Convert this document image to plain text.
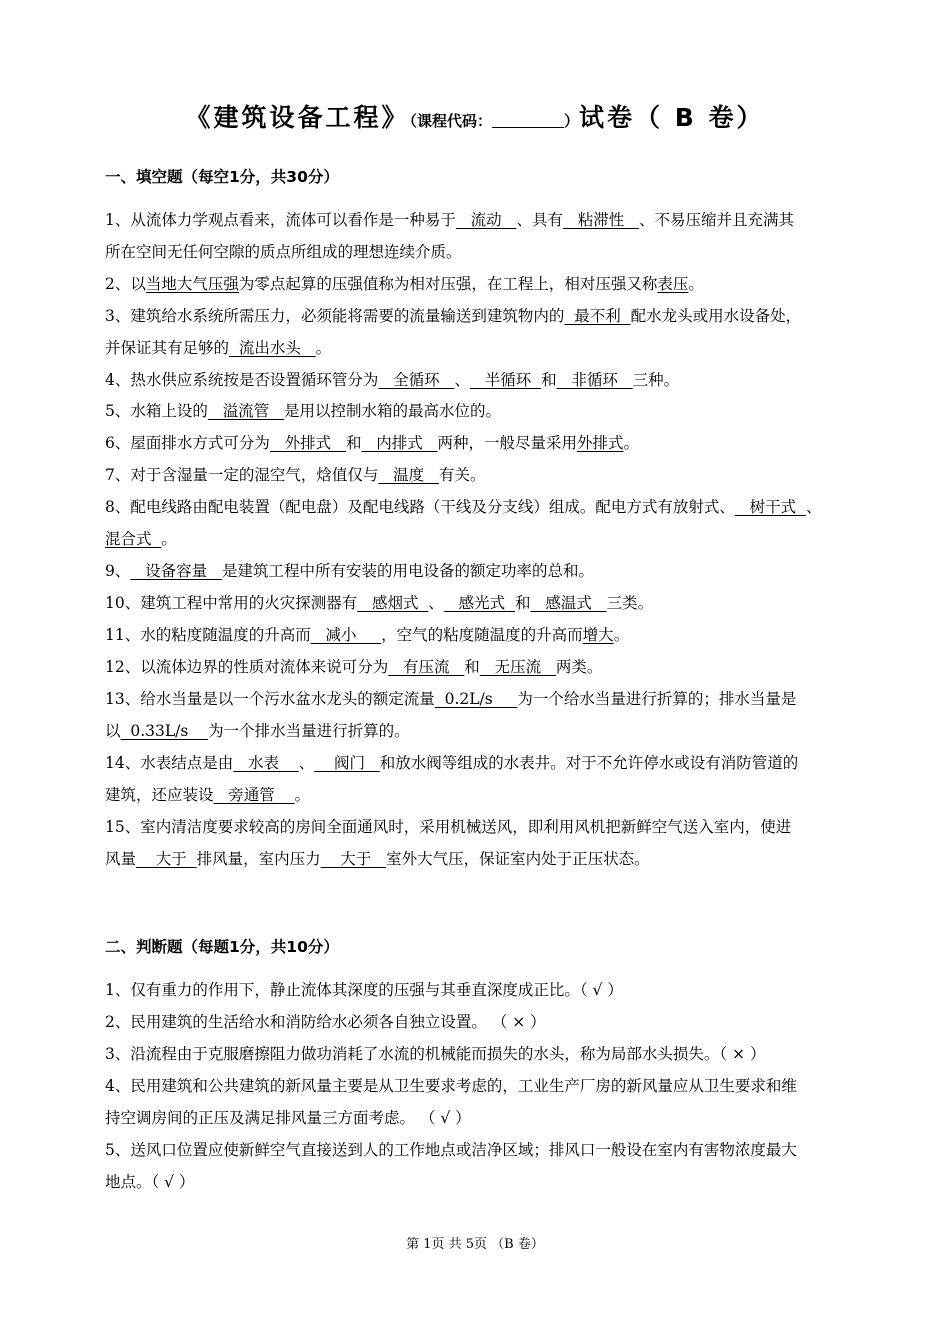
《建筑设备工程》（课程代码：	）试卷（ B 卷）
一、填空题（每空1分，共30分）
1、从流体力学观点看来，流体可以看作是一种易于   流动   、具有   粘滞性   、不易压缩并且充满其
所在空间无任何空隙的质点所组成的理想连续介质。
2、以当地大气压强为零点起算的压强值称为相对压强，在工程上，相对压强又称表压。
3、建筑给水系统所需压力，必须能将需要的流量输送到建筑物内的  最不利  配水龙头或用水设备处，
并保证其有足够的  流出水头   。
4、热水供应系统按是否设置循环管分为   全循环   、   半循环  和   非循环   三种。
5、水箱上设的   溢流管   是用以控制水箱的最高水位的。
6、屋面排水方式可分为   外排式   和   内排式   两种，一般尽量采用外排式。
7、对于含湿量一定的湿空气，焓值仅与   温度   有关。
8、配电线路由配电装置（配电盘）及配电线路（干线及分支线）组成。配电方式有放射式、   树干式  、
混合式  。
9、   设备容量   是建筑工程中所有安装的用电设备的额定功率的总和。
10、建筑工程中常用的火灾探测器有   感烟式  、   感光式  和   感温式   三类。
11、水的粘度随温度的升高而   减小     ，空气的粘度随温度的升高而增大。
12、以流体边界的性质对流体来说可分为   有压流   和   无压流   两类。
13、给水当量是以一个污水盆水龙头的额定流量  0.2L/s     为一个给水当量进行折算的；排水当量是
以  0.33L/s    为一个排水当量进行折算的。
14、水表结点是由   水表    、    阀门   和放水阀等组成的水表井。对于不允许停水或设有消防管道的
建筑，还应装设   旁通管    。
15、室内清洁度要求较高的房间全面通风时，采用机械送风，即利用风机把新鲜空气送入室内，使进
风量    大于  排风量，室内压力    大于   室外大气压，保证室内处于正压状态。
二、判断题（每题1分，共10分）
1、仅有重力的作用下，静止流体其深度的压强与其垂直深度成正比。（ √ ）
2、民用建筑的生活给水和消防给水必须各自独立设置。 （ × ）
3、沿流程由于克服磨擦阻力做功消耗了水流的机械能而损失的水头，称为局部水头损失。（ × ）
4、民用建筑和公共建筑的新风量主要是从卫生要求考虑的，工业生产厂房的新风量应从卫生要求和维
持空调房间的正压及满足排风量三方面考虑。 （ √ ）
5、送风口位置应使新鲜空气直接送到人的工作地点或洁净区域；排风口一般设在室内有害物浓度最大
地点。（ √ ）
第 1页 共 5页 （B 卷）
